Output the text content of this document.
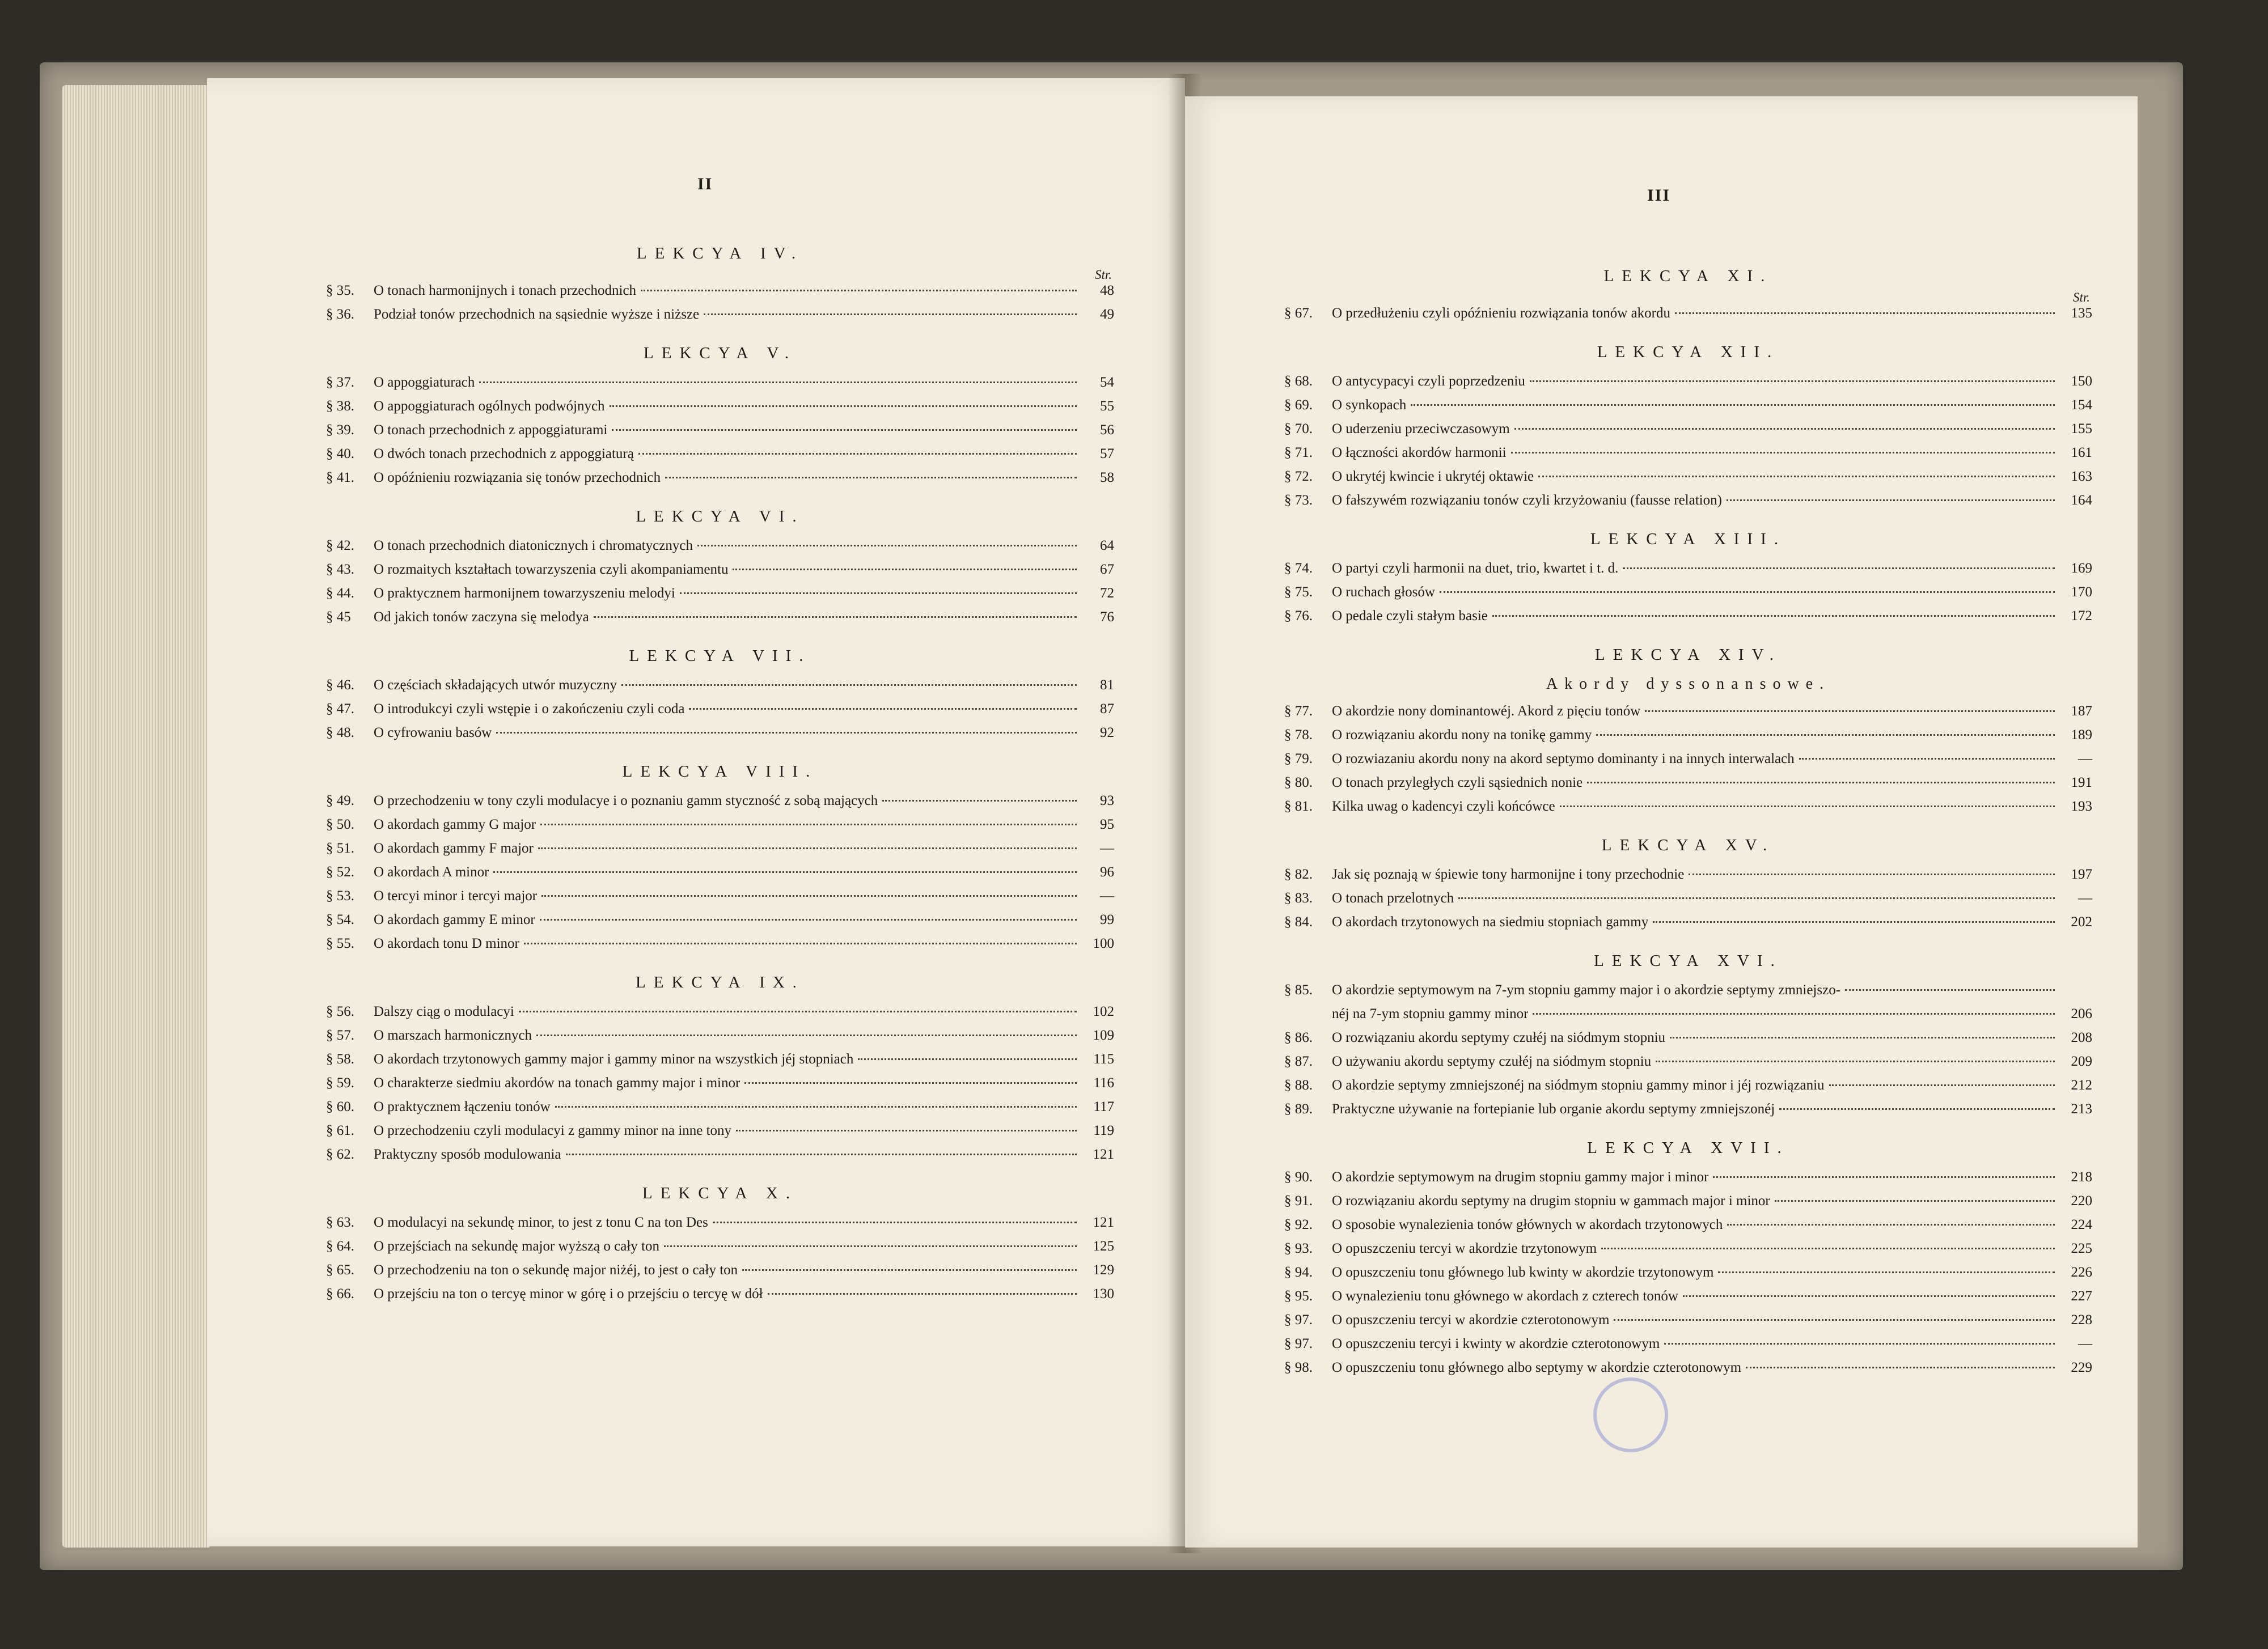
II
LEKCYA IV.
Str.
§ 35.	O tonach harmonijnych i tonach przechodnich	48
§ 36.	Podział tonów przechodnich na sąsiednie wyższe i niższe	49
LEKCYA V.
§ 37.	O appoggiaturach	54
§ 38.	O appoggiaturach ogólnych podwójnych	55
§ 39.	O tonach przechodnich z appoggiaturami	56
§ 40.	O dwóch tonach przechodnich z appoggiaturą	57
§ 41.	O opóźnieniu rozwiązania się tonów przechodnich	58
LEKCYA VI.
§ 42.	O tonach przechodnich diatonicznych i chromatycznych	64
§ 43.	O rozmaitych kształtach towarzyszenia czyli akompaniamentu	67
§ 44.	O praktycznem harmonijnem towarzyszeniu melodyi	72
§ 45	Od jakich tonów zaczyna się melodya	76
LEKCYA VII.
§ 46.	O częściach składających utwór muzyczny	81
§ 47.	O introdukcyi czyli wstępie i o zakończeniu czyli coda	87
§ 48.	O cyfrowaniu basów	92
LEKCYA VIII.
§ 49.	O przechodzeniu w tony czyli modulacye i o poznaniu gamm styczność z sobą mających	93
§ 50.	O akordach gammy G major	95
§ 51.	O akordach gammy F major	—
§ 52.	O akordach A minor	96
§ 53.	O tercyi minor i tercyi major	—
§ 54.	O akordach gammy E minor	99
§ 55.	O akordach tonu D minor	100
LEKCYA IX.
§ 56.	Dalszy ciąg o modulacyi	102
§ 57.	O marszach harmonicznych	109
§ 58.	O akordach trzytonowych gammy major i gammy minor na wszystkich jéj stopniach	115
§ 59.	O charakterze siedmiu akordów na tonach gammy major i minor	116
§ 60.	O praktycznem łączeniu tonów	117
§ 61.	O przechodzeniu czyli modulacyi z gammy minor na inne tony	119
§ 62.	Praktyczny sposób modulowania	121
LEKCYA X.
§ 63.	O modulacyi na sekundę minor, to jest z tonu C na ton Des	121
§ 64.	O przejściach na sekundę major wyższą o cały ton	125
§ 65.	O przechodzeniu na ton o sekundę major niżéj, to jest o cały ton	129
§ 66.	O przejściu na ton o tercyę minor w górę i o przejściu o tercyę w dół	130
III
LEKCYA XI.
Str.
§ 67.	O przedłużeniu czyli opóźnieniu rozwiązania tonów akordu	135
LEKCYA XII.
§ 68.	O antycypacyi czyli poprzedzeniu	150
§ 69.	O synkopach	154
§ 70.	O uderzeniu przeciwczasowym	155
§ 71.	O łączności akordów harmonii	161
§ 72.	O ukrytéj kwincie i ukrytéj oktawie	163
§ 73.	O fałszywém rozwiązaniu tonów czyli krzyżowaniu (fausse relation)	164
LEKCYA XIII.
§ 74.	O partyi czyli harmonii na duet, trio, kwartet i t. d.	169
§ 75.	O ruchach głosów	170
§ 76.	O pedale czyli stałym basie	172
LEKCYA XIV.
Akordy dyssonansowe.
§ 77.	O akordzie nony dominantowéj. Akord z pięciu tonów	187
§ 78.	O rozwiązaniu akordu nony na tonikę gammy	189
§ 79.	O rozwiazaniu akordu nony na akord septymo dominanty i na innych interwalach	—
§ 80.	O tonach przyległych czyli sąsiednich nonie	191
§ 81.	Kilka uwag o kadencyi czyli końcówce	193
LEKCYA XV.
§ 82.	Jak się poznają w śpiewie tony harmonijne i tony przechodnie	197
§ 83.	O tonach przelotnych	—
§ 84.	O akordach trzytonowych na siedmiu stopniach gammy	202
LEKCYA XVI.
§ 85.	O akordzie septymowym na 7-ym stopniu gammy major i o akordzie septymy zmniejszo-
néj na 7-ym stopniu gammy minor	206
§ 86.	O rozwiązaniu akordu septymy czułéj na siódmym stopniu	208
§ 87.	O używaniu akordu septymy czułéj na siódmym stopniu	209
§ 88.	O akordzie septymy zmniejszonéj na siódmym stopniu gammy minor i jéj rozwiązaniu	212
§ 89.	Praktyczne używanie na fortepianie lub organie akordu septymy zmniejszonéj	213
LEKCYA XVII.
§ 90.	O akordzie septymowym na drugim stopniu gammy major i minor	218
§ 91.	O rozwiązaniu akordu septymy na drugim stopniu w gammach major i minor	220
§ 92.	O sposobie wynalezienia tonów głównych w akordach trzytonowych	224
§ 93.	O opuszczeniu tercyi w akordzie trzytonowym	225
§ 94.	O opuszczeniu tonu głównego lub kwinty w akordzie trzytonowym	226
§ 95.	O wynalezieniu tonu głównego w akordach z czterech tonów	227
§ 97.	O opuszczeniu tercyi w akordzie czterotonowym	228
§ 97.	O opuszczeniu tercyi i kwinty w akordzie czterotonowym	—
§ 98.	O opuszczeniu tonu głównego albo septymy w akordzie czterotonowym	229
